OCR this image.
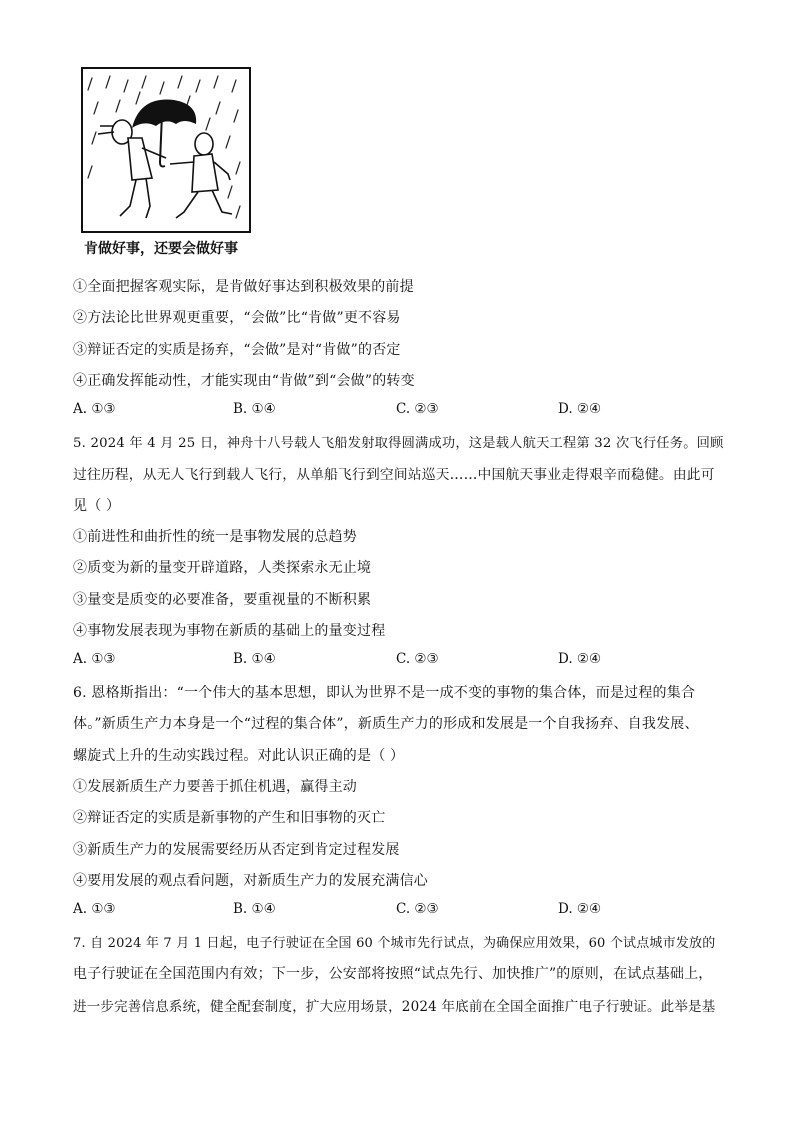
肯做好事，还要会做好事
①全面把握客观实际，是肯做好事达到积极效果的前提
②方法论比世界观更重要，“会做”比“肯做”更不容易
③辩证否定的实质是扬弃，“会做”是对“肯做”的否定
④正确发挥能动性，才能实现由“肯做”到“会做”的转变
A. ①③	B. ①④	C. ②③	D. ②④
5. 2024 年 4 月 25 日，神舟十八号载人飞船发射取得圆满成功，这是载人航天工程第 32 次飞行任务。回顾
过往历程，从无人飞行到载人飞行，从单船飞行到空间站巡天……中国航天事业走得艰辛而稳健。由此可
见（ ）
①前进性和曲折性的统一是事物发展的总趋势
②质变为新的量变开辟道路，人类探索永无止境
③量变是质变的必要准备，要重视量的不断积累
④事物发展表现为事物在新质的基础上的量变过程
A. ①③	B. ①④	C. ②③	D. ②④
6. 恩格斯指出：“一个伟大的基本思想，即认为世界不是一成不变的事物的集合体，而是过程的集合
体。”新质生产力本身是一个“过程的集合体”，新质生产力的形成和发展是一个自我扬弃、自我发展、
螺旋式上升的生动实践过程。对此认识正确的是（ ）
①发展新质生产力要善于抓住机遇，赢得主动
②辩证否定的实质是新事物的产生和旧事物的灭亡
③新质生产力的发展需要经历从否定到肯定过程发展
④要用发展的观点看问题，对新质生产力的发展充满信心
A. ①③	B. ①④	C. ②③	D. ②④
7. 自 2024 年 7 月 1 日起，电子行驶证在全国 60 个城市先行试点，为确保应用效果，60 个试点城市发放的
电子行驶证在全国范围内有效；下一步，公安部将按照“试点先行、加快推广”的原则，在试点基础上，
进一步完善信息系统，健全配套制度，扩大应用场景，2024 年底前在全国全面推广电子行驶证。此举是基
